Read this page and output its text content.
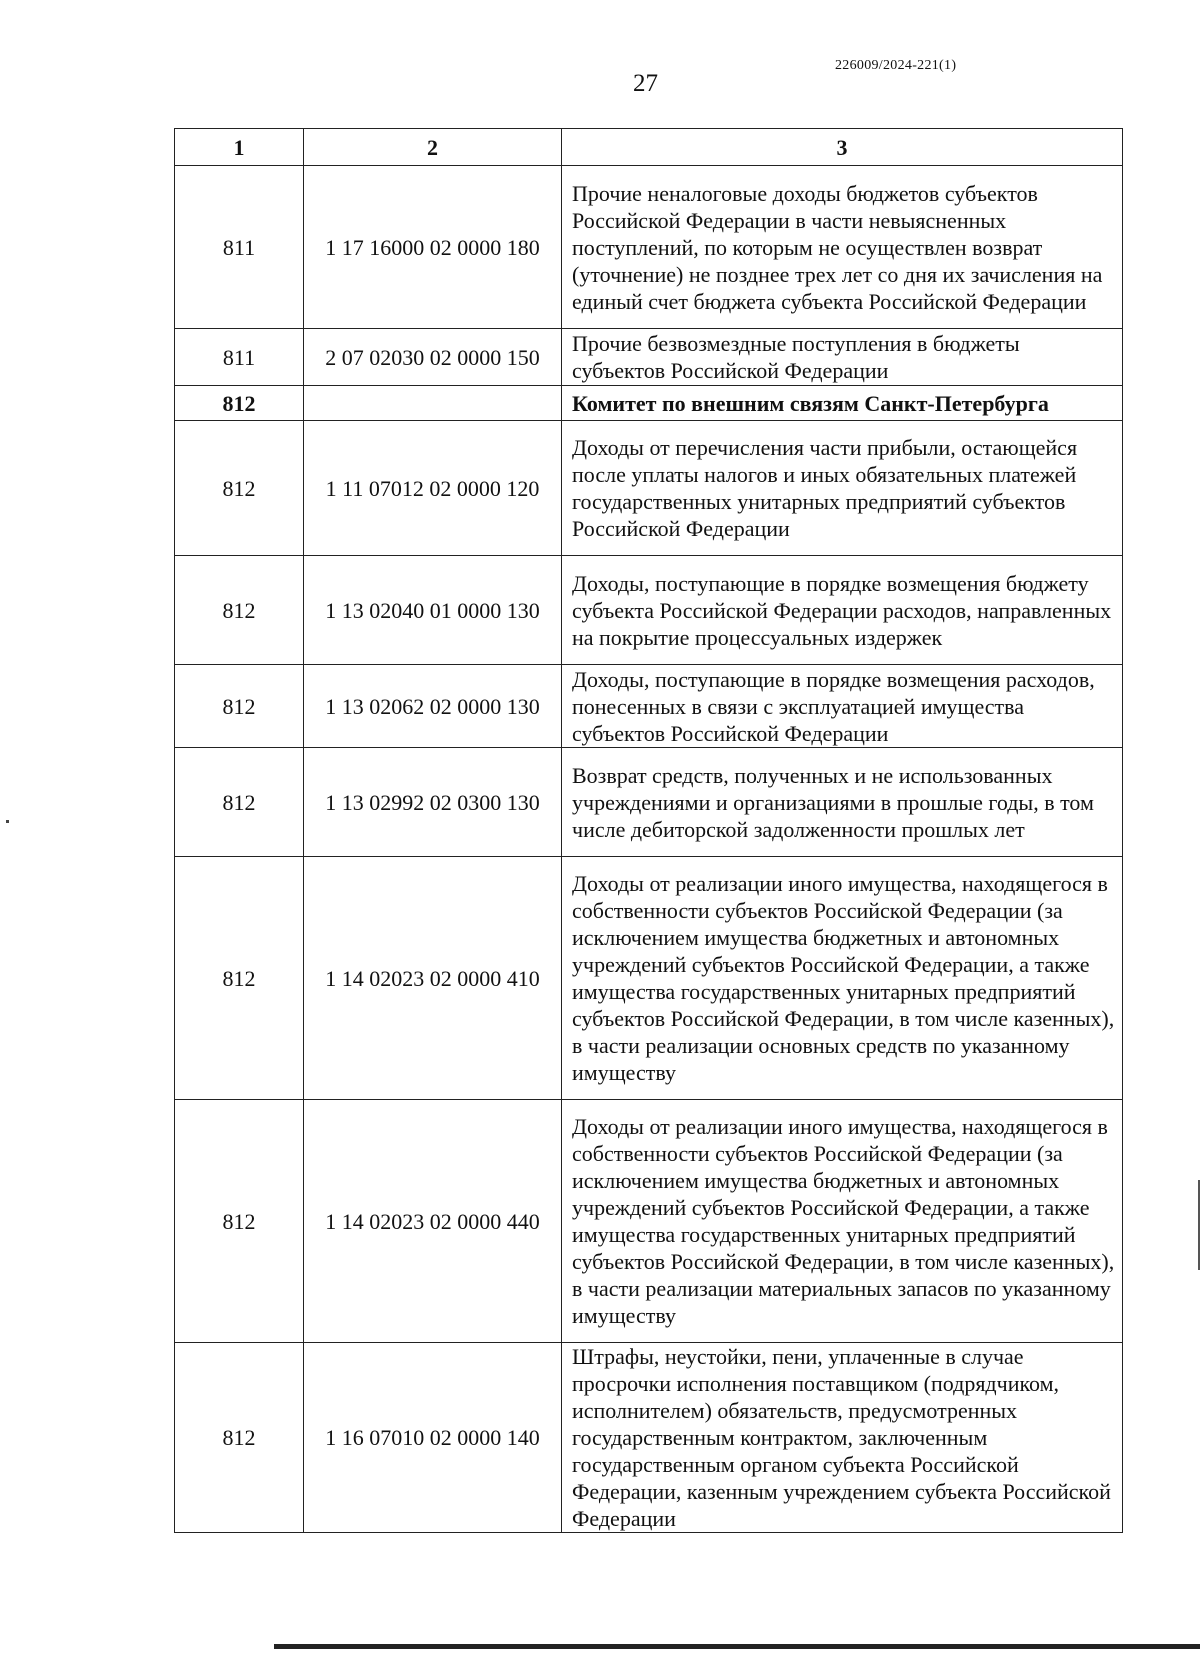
226009/2024-221(1)
27
1	2	3
811	1 17 16000 02 0000 180	Прочие неналоговые доходы бюджетов субъектов Российской Федерации в части невыясненных поступлений, по которым не осуществлен возврат (уточнение) не позднее трех лет со дня их зачисления на единый счет бюджета субъекта Российской Федерации
811	2 07 02030 02 0000 150	Прочие безвозмездные поступления в бюджеты субъектов Российской Федерации
812		Комитет по внешним связям Санкт-Петербурга
812	1 11 07012 02 0000 120	Доходы от перечисления части прибыли, остающейся после уплаты налогов и иных обязательных платежей государственных унитарных предприятий субъектов Российской Федерации
812	1 13 02040 01 0000 130	Доходы, поступающие в порядке возмещения бюджету субъекта Российской Федерации расходов, направленных на покрытие процессуальных издержек
812	1 13 02062 02 0000 130	Доходы, поступающие в порядке возмещения расходов, понесенных в связи с эксплуатацией имущества субъектов Российской Федерации
812	1 13 02992 02 0300 130	Возврат средств, полученных и не использованных учреждениями и организациями в прошлые годы, в том числе дебиторской задолженности прошлых лет
812	1 14 02023 02 0000 410	Доходы от реализации иного имущества, находящегося в собственности субъектов Российской Федерации (за исключением имущества бюджетных и автономных учреждений субъектов Российской Федерации, а также имущества государственных унитарных предприятий субъектов Российской Федерации, в том числе казенных), в части реализации основных средств по указанному имуществу
812	1 14 02023 02 0000 440	Доходы от реализации иного имущества, находящегося в собственности субъектов Российской Федерации (за исключением имущества бюджетных и автономных учреждений субъектов Российской Федерации, а также имущества государственных унитарных предприятий субъектов Российской Федерации, в том числе казенных), в части реализации материальных запасов по указанному имуществу
812	1 16 07010 02 0000 140	Штрафы, неустойки, пени, уплаченные в случае просрочки исполнения поставщиком (подрядчиком, исполнителем) обязательств, предусмотренных государственным контрактом, заключенным государственным органом субъекта Российской Федерации, казенным учреждением субъекта Российской Федерации
